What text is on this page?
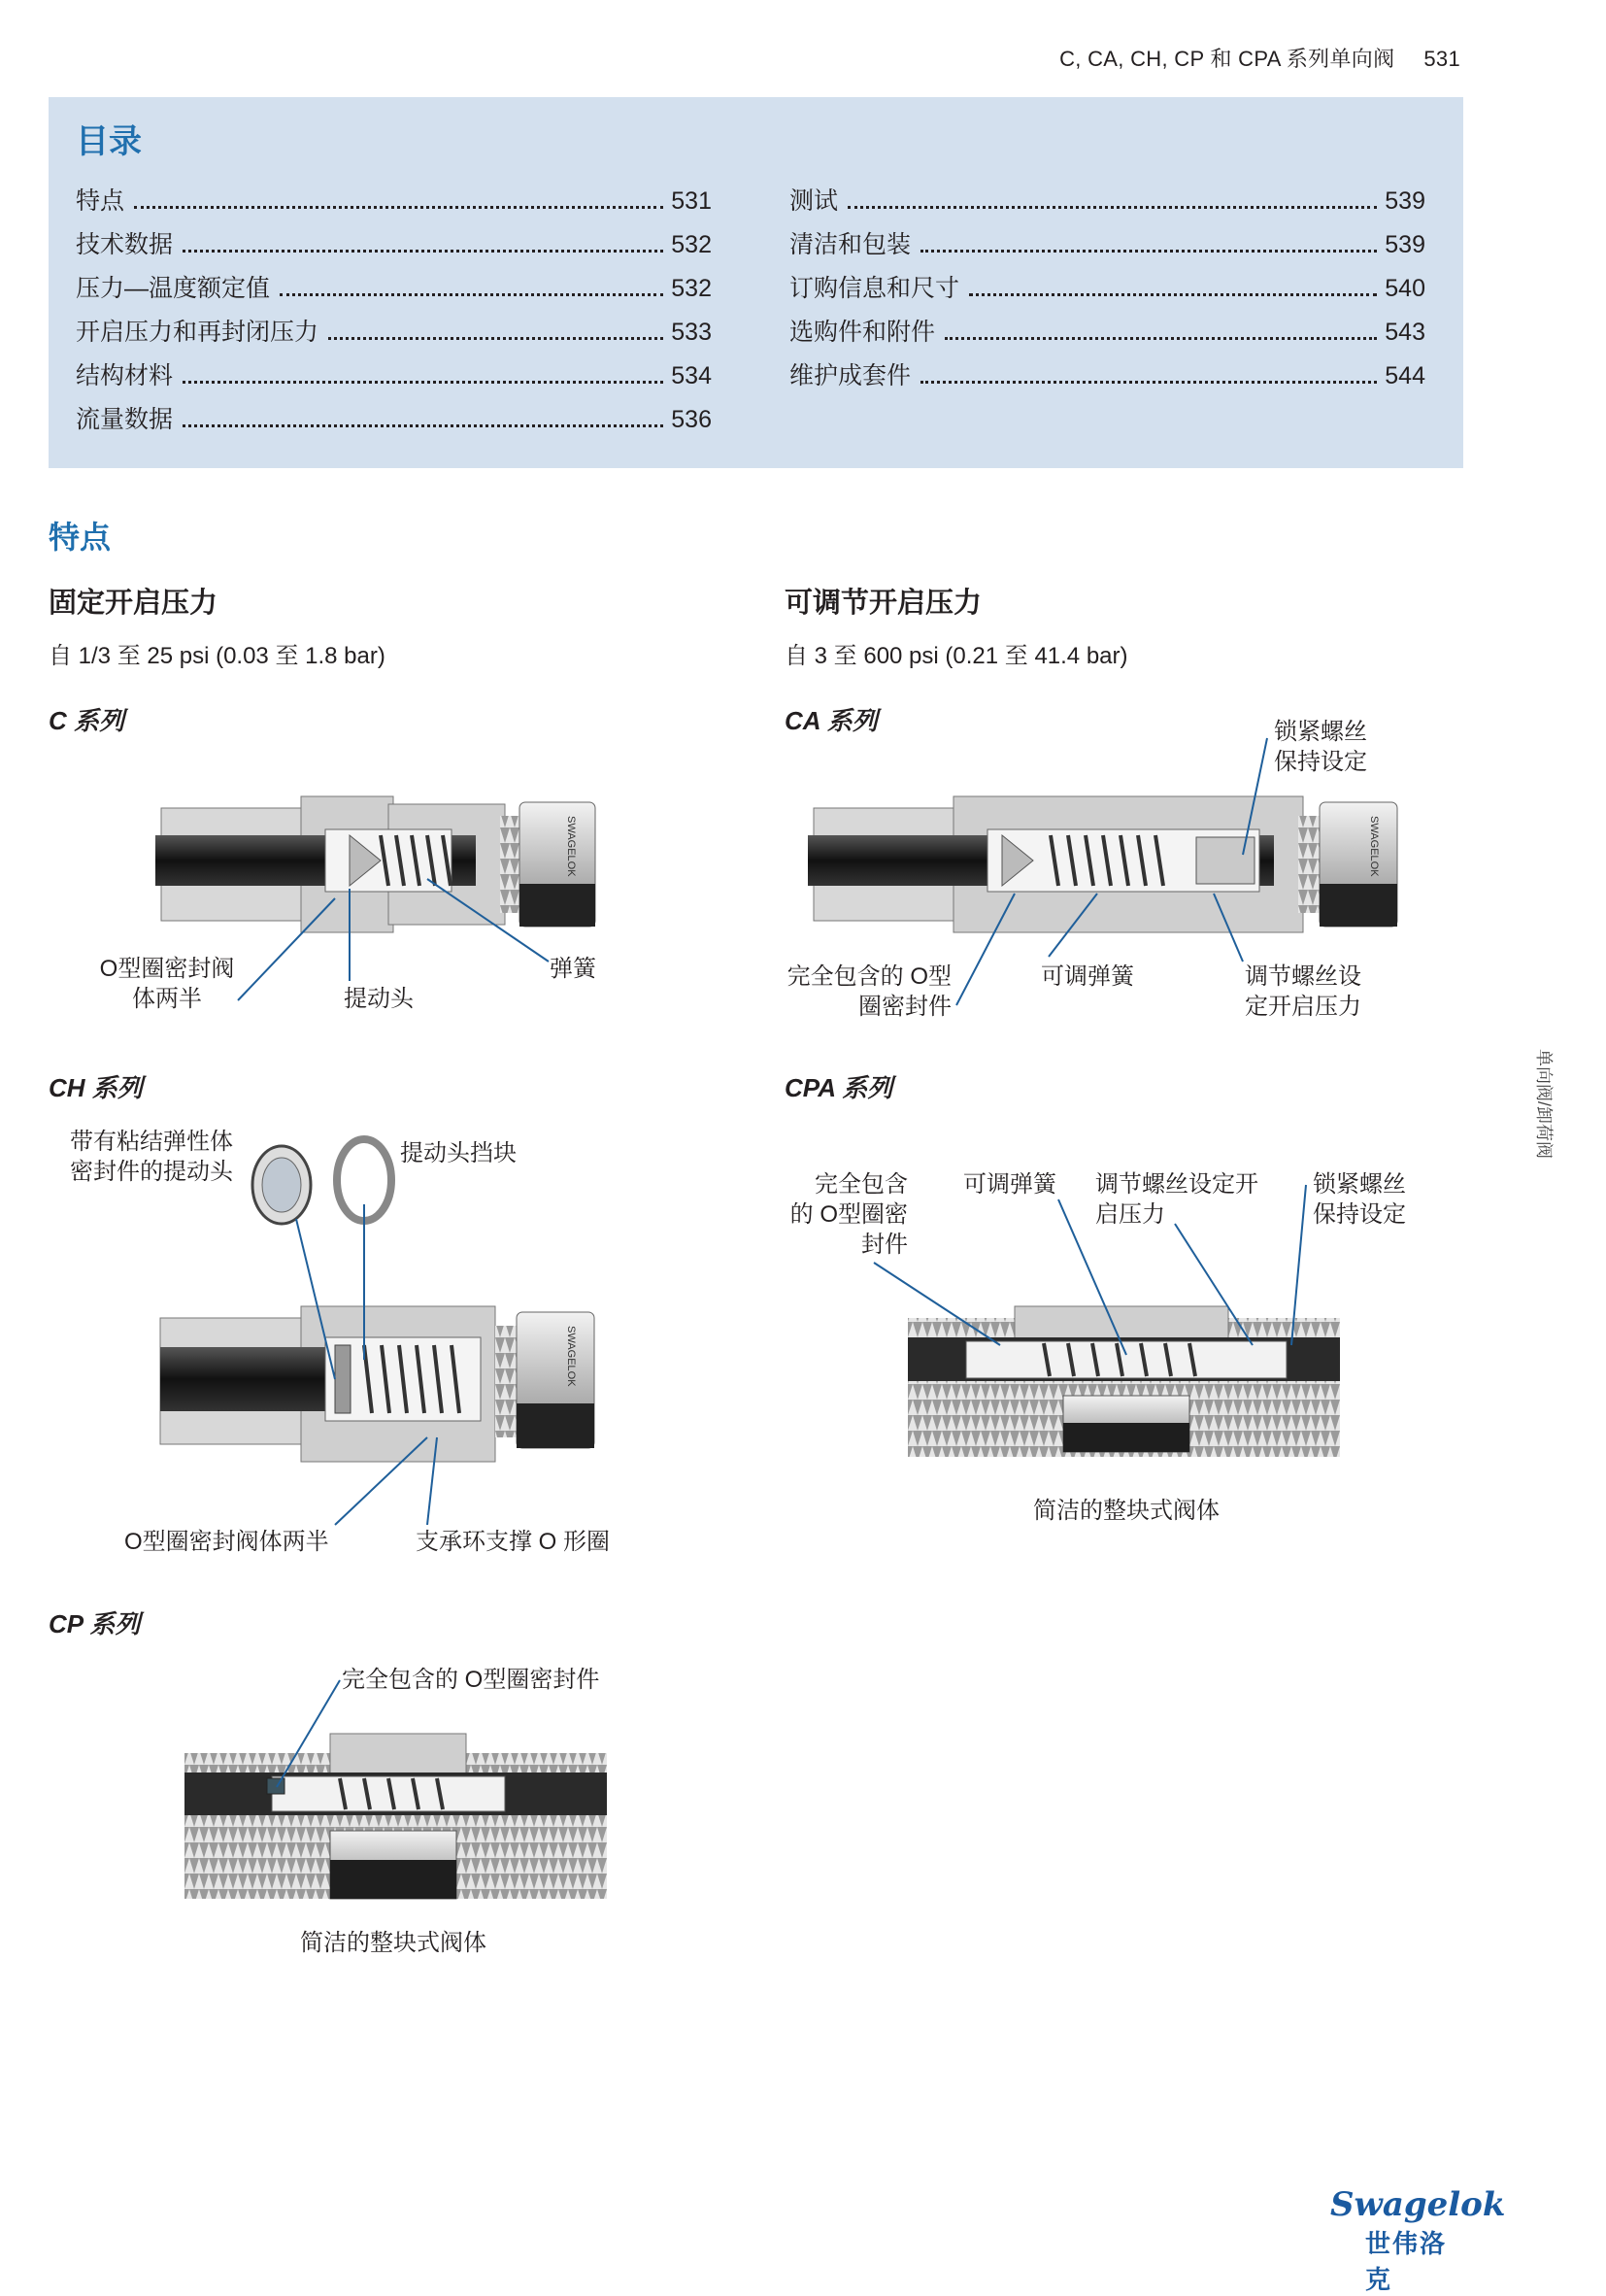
C, CA, CH, CP 和 CPA 系列单向阀 531
目录
特点	531
技术数据	532
压力—温度额定值	532
开启压力和再封闭压力	533
结构材料	534
流量数据	536
测试	539
清洁和包装	539
订购信息和尺寸	540
选购件和附件	543
维护成套件	544
特点
固定开启压力
自 1/3 至 25 psi (0.03 至 1.8 bar)
可调节开启压力
自 3 至 600 psi (0.21 至 41.4 bar)
C 系列
SWAGELOK
O型圈密封阀
体两半	提动头
弹簧
CA 系列
SWAGELOK
锁紧螺丝
保持设定
完全包含的 O型
圈密封件
可调弹簧	调节螺丝设
定开启压力
CH 系列
带有粘结弹性体
密封件的提动头
提动头挡块
SWAGELOK
O型圈密封阀体两半	支承环支撑 O 形圈
CPA 系列
完全包含
的 O型圈密
封件
可调弹簧 调节螺丝设定开
启压力
锁紧螺丝
保持设定
简洁的整块式阀体
CP 系列
完全包含的 O型圈密封件
简洁的整块式阀体
单向阀/卸荷阀
Swagelok
世伟洛克
